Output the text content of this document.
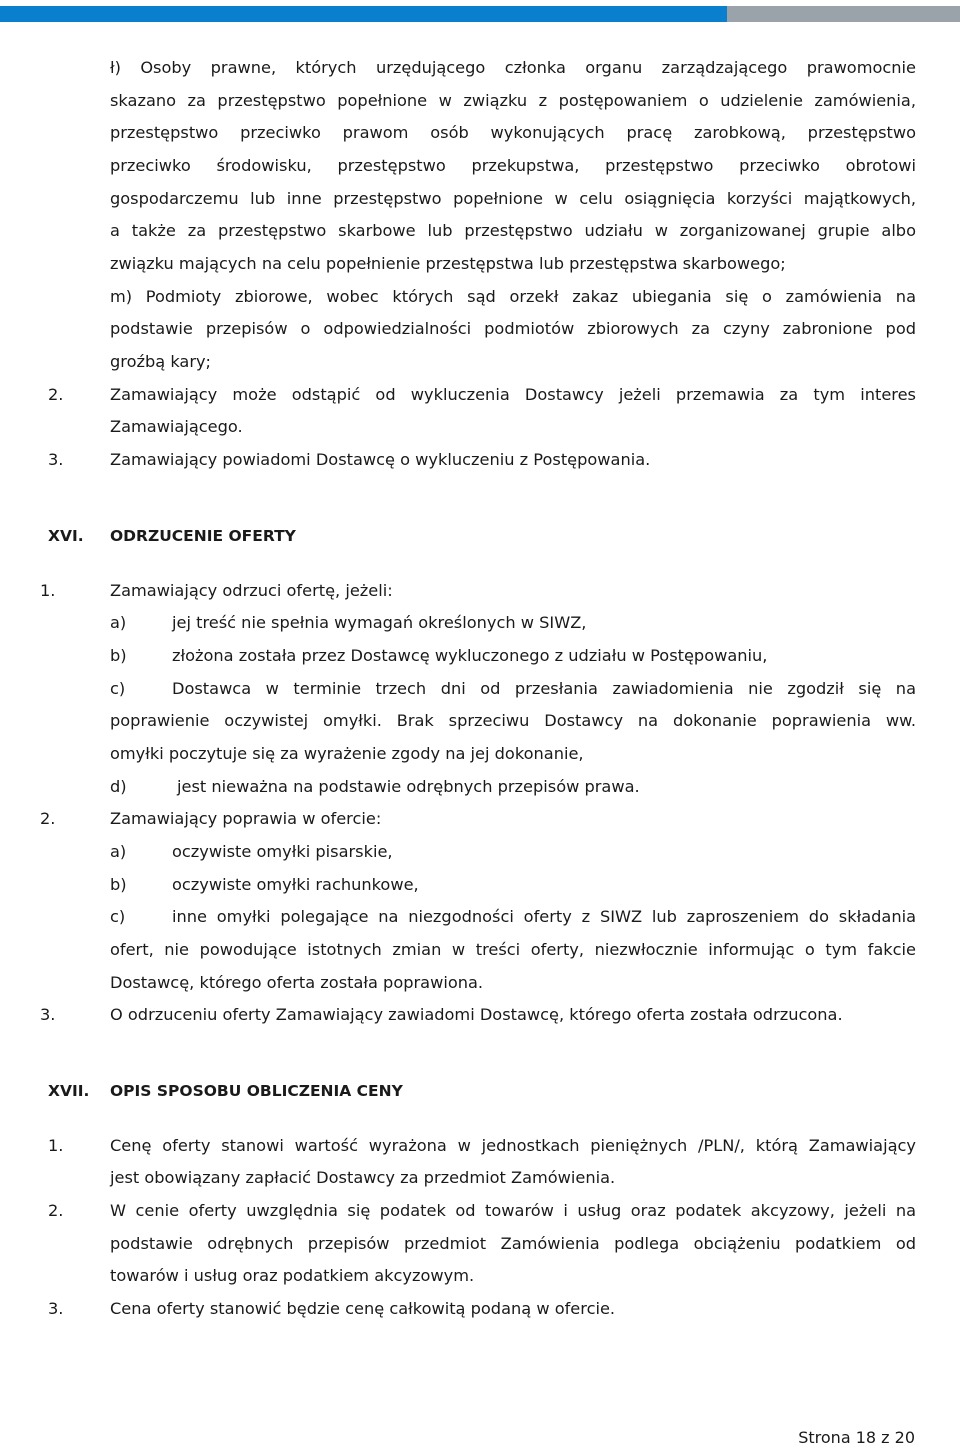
ł) Osoby prawne, których urzędującego członka organu zarządzającego prawomocnie
skazano za przestępstwo popełnione w związku z postępowaniem o udzielenie zamówienia,
przestępstwo przeciwko prawom osób wykonujących pracę zarobkową, przestępstwo
przeciwko środowisku, przestępstwo przekupstwa, przestępstwo przeciwko obrotowi
gospodarczemu lub inne przestępstwo popełnione w celu osiągnięcia korzyści majątkowych,
a także za przestępstwo skarbowe lub przestępstwo udziału w zorganizowanej grupie albo
związku mających na celu popełnienie przestępstwa lub przestępstwa skarbowego;
m) Podmioty zbiorowe, wobec których sąd orzekł zakaz ubiegania się o zamówienia na
podstawie przepisów o odpowiedzialności podmiotów zbiorowych za czyny zabronione pod
groźbą kary;
2.	Zamawiający może odstąpić od wykluczenia Dostawcy jeżeli przemawia za tym interes
Zamawiającego.
3.	Zamawiający powiadomi Dostawcę o wykluczeniu z Postępowania.
XVI. ODRZUCENIE OFERTY
1.	Zamawiający odrzuci ofertę, jeżeli:
a)	jej treść nie spełnia wymagań określonych w SIWZ,
b)	złożona została przez Dostawcę wykluczonego z udziału w Postępowaniu,
c)	Dostawca w terminie trzech dni od przesłania zawiadomienia nie zgodził się na
poprawienie oczywistej omyłki. Brak sprzeciwu Dostawcy na dokonanie poprawienia ww.
omyłki poczytuje się za wyrażenie zgody na jej dokonanie,
d)	jest nieważna na podstawie odrębnych przepisów prawa.
2.	Zamawiający poprawia w ofercie:
a)	oczywiste omyłki pisarskie,
b)	oczywiste omyłki rachunkowe,
c)	inne omyłki polegające na niezgodności oferty z SIWZ lub zaproszeniem do składania
ofert, nie powodujące istotnych zmian w treści oferty, niezwłocznie informując o tym fakcie
Dostawcę, którego oferta została poprawiona.
3.	O odrzuceniu oferty Zamawiający zawiadomi Dostawcę, którego oferta została odrzucona.
XVII. OPIS SPOSOBU OBLICZENIA CENY
1.	Cenę oferty stanowi wartość wyrażona w jednostkach pieniężnych /PLN/, którą Zamawiający
jest obowiązany zapłacić Dostawcy za przedmiot Zamówienia.
2.	W cenie oferty uwzględnia się podatek od towarów i usług oraz podatek akcyzowy, jeżeli na
podstawie odrębnych przepisów przedmiot Zamówienia podlega obciążeniu podatkiem od
towarów i usług oraz podatkiem akcyzowym.
3.	Cena oferty stanowić będzie cenę całkowitą podaną w ofercie.
Strona 18 z 20
